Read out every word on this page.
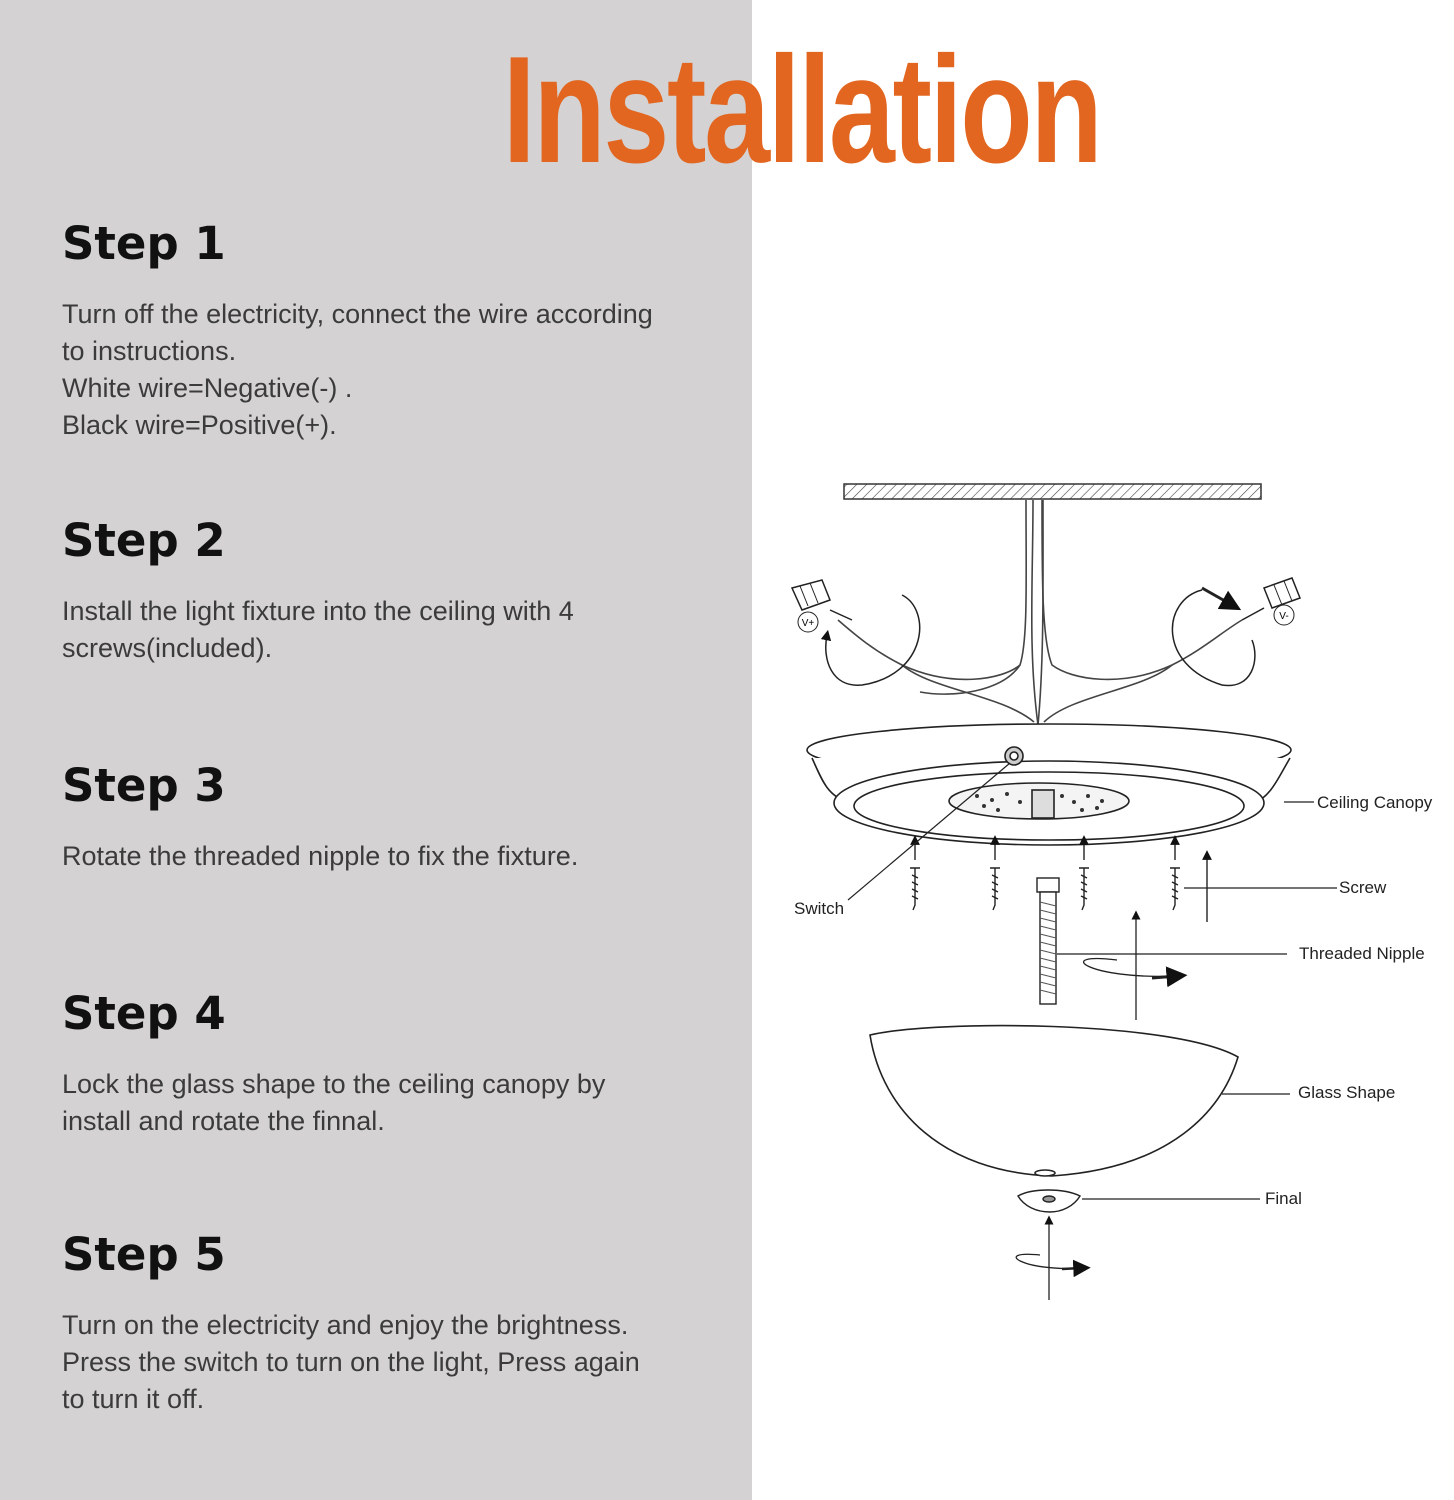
Installation
Step 1
Turn off the electricity, connect the wire according
to instructions.
White wire=Negative(-) .
Black wire=Positive(+).
Step 2
Install the light fixture into the ceiling with 4
screws(included).
Step 3
Rotate the threaded nipple to fix the fixture.
Step 4
Lock the glass shape to the ceiling canopy by
install and rotate the finnal.
Step 5
Turn on the electricity and enjoy the brightness.
Press the switch to turn on the light, Press again
to turn it off.
V+
V-
Ceiling Canopy
Screw
Switch
Threaded Nipple
Glass Shape
Final
